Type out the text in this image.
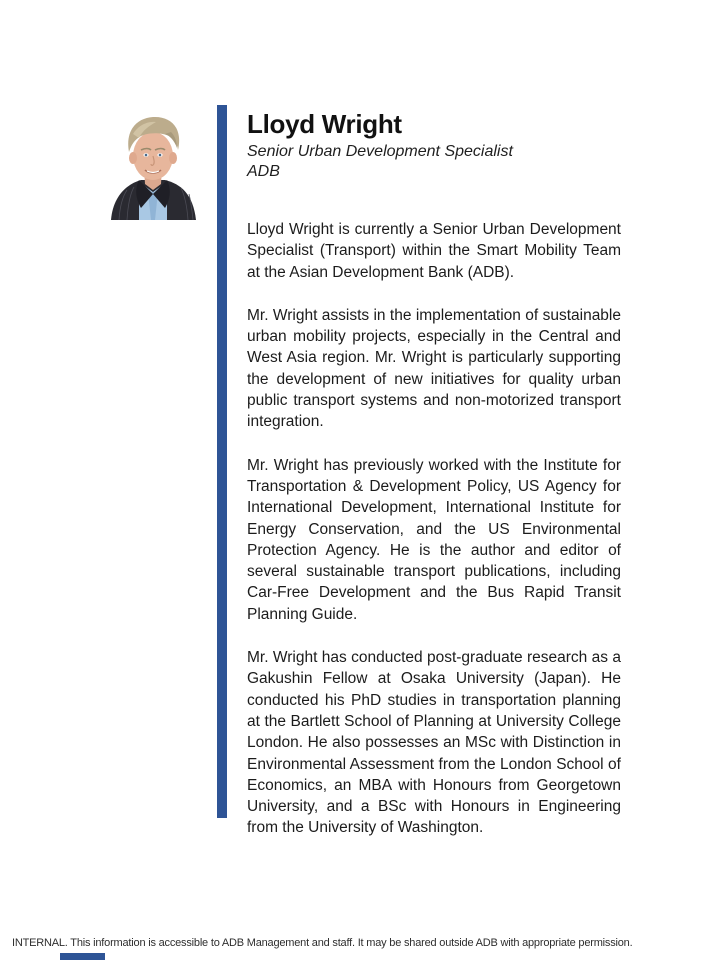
Lloyd Wright
Senior Urban Development Specialist
ADB

Lloyd Wright is currently a Senior Urban Development Specialist (Transport) within the Smart Mobility Team at the Asian Development Bank (ADB).

Mr. Wright assists in the implementation of sustainable urban mobility projects, especially in the Central and West Asia region. Mr. Wright is particularly supporting the development of new initiatives for quality urban public transport systems and non-motorized transport integration.

Mr. Wright has previously worked with the Institute for Transportation & Development Policy, US Agency for International Development, International Institute for Energy Conservation, and the US Environmental Protection Agency. He is the author and editor of several sustainable transport publications, including Car-Free Development and the Bus Rapid Transit Planning Guide.

Mr. Wright has conducted post-graduate research as a Gakushin Fellow at Osaka University (Japan). He conducted his PhD studies in transportation planning at the Bartlett School of Planning at University College London. He also possesses an MSc with Distinction in Environmental Assessment from the London School of Economics, an MBA with Honours from Georgetown University, and a BSc with Honours in Engineering from the University of Washington.

INTERNAL. This information is accessible to ADB Management and staff. It may be shared outside ADB with appropriate permission.
